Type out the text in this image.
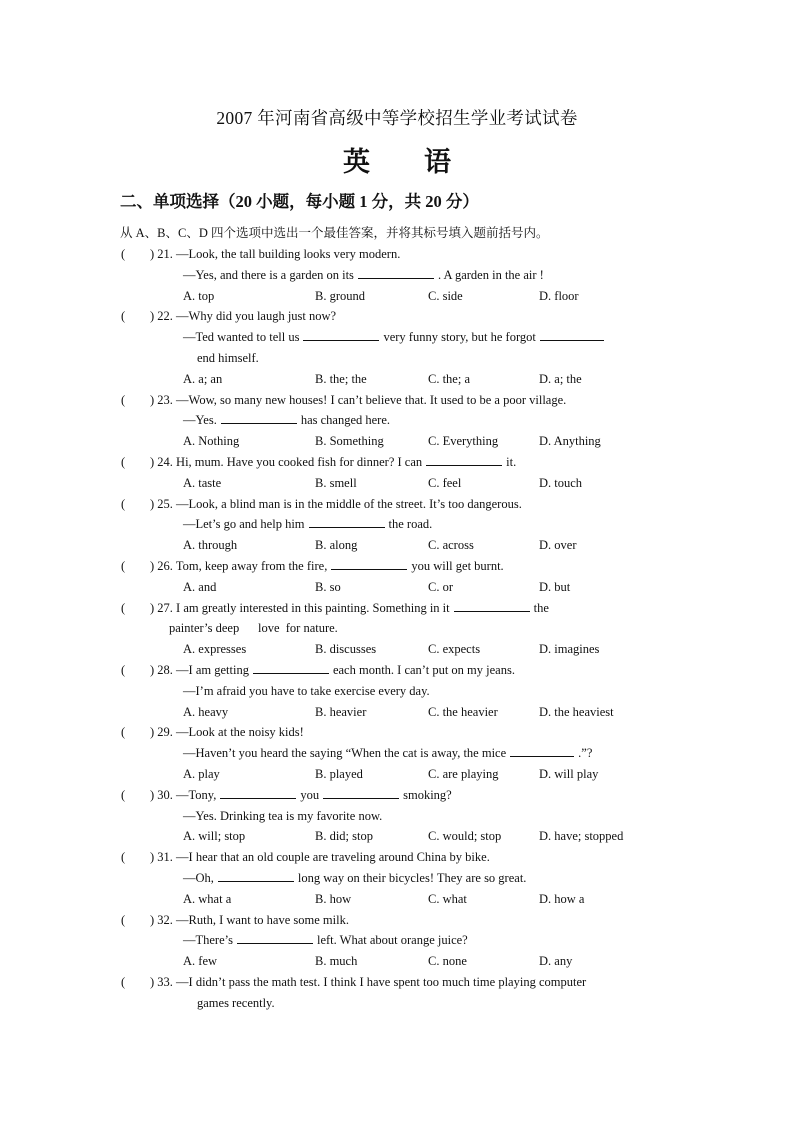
2007 年河南省高级中等学校招生学业考试试卷
英 语
二、单项选择（20 小题，每小题 1 分，共 20 分）
从 A、B、C、D 四个选项中选出一个最佳答案，并将其标号填入题前括号内。
( ) 21. —Look, the tall building looks very modern.
—Yes, and there is a garden on its	. A garden in the air !
A. top	B. ground	C. side	D. floor
( ) 22. —Why did you laugh just now?
—Ted wanted to tell us	very funny story, but he forgot
end himself.
A. a; an	B. the; the	C. the; a	D. a; the
( ) 23. —Wow, so many new houses! I can’t believe that. It used to be a poor village.
—Yes.	has changed here.
A. Nothing	B. Something	C. Everything	D. Anything
( ) 24. Hi, mum. Have you cooked fish for dinner? I can	it.
A. taste	B. smell	C. feel	D. touch
( ) 25. —Look, a blind man is in the middle of the street. It’s too dangerous.
—Let’s go and help him	the road.
A. through	B. along	C. across	D. over
( ) 26. Tom, keep away from the fire,	you will get burnt.
A. and	B. so	C. or	D. but
( ) 27. I am greatly interested in this painting. Something in it	the
painter’s deep      love  for nature.
A. expresses	B. discusses	C. expects	D. imagines
( ) 28. —I am getting	each month. I can’t put on my jeans.
—I’m afraid you have to take exercise every day.
A. heavy	B. heavier	C. the heavier	D. the heaviest
( ) 29. —Look at the noisy kids!
—Haven’t you heard the saying “When the cat is away, the mice	.”?
A. play	B. played	C. are playing	D. will play
( ) 30. —Tony,	you	smoking?
—Yes. Drinking tea is my favorite now.
A. will; stop	B. did; stop	C. would; stop	D. have; stopped
( ) 31. —I hear that an old couple are traveling around China by bike.
—Oh,	long way on their bicycles! They are so great.
A. what a	B. how	C. what	D. how a
( ) 32. —Ruth, I want to have some milk.
—There’s	left. What about orange juice?
A. few	B. much	C. none	D. any
( ) 33. —I didn’t pass the math test. I think I have spent too much time playing computer
games recently.
